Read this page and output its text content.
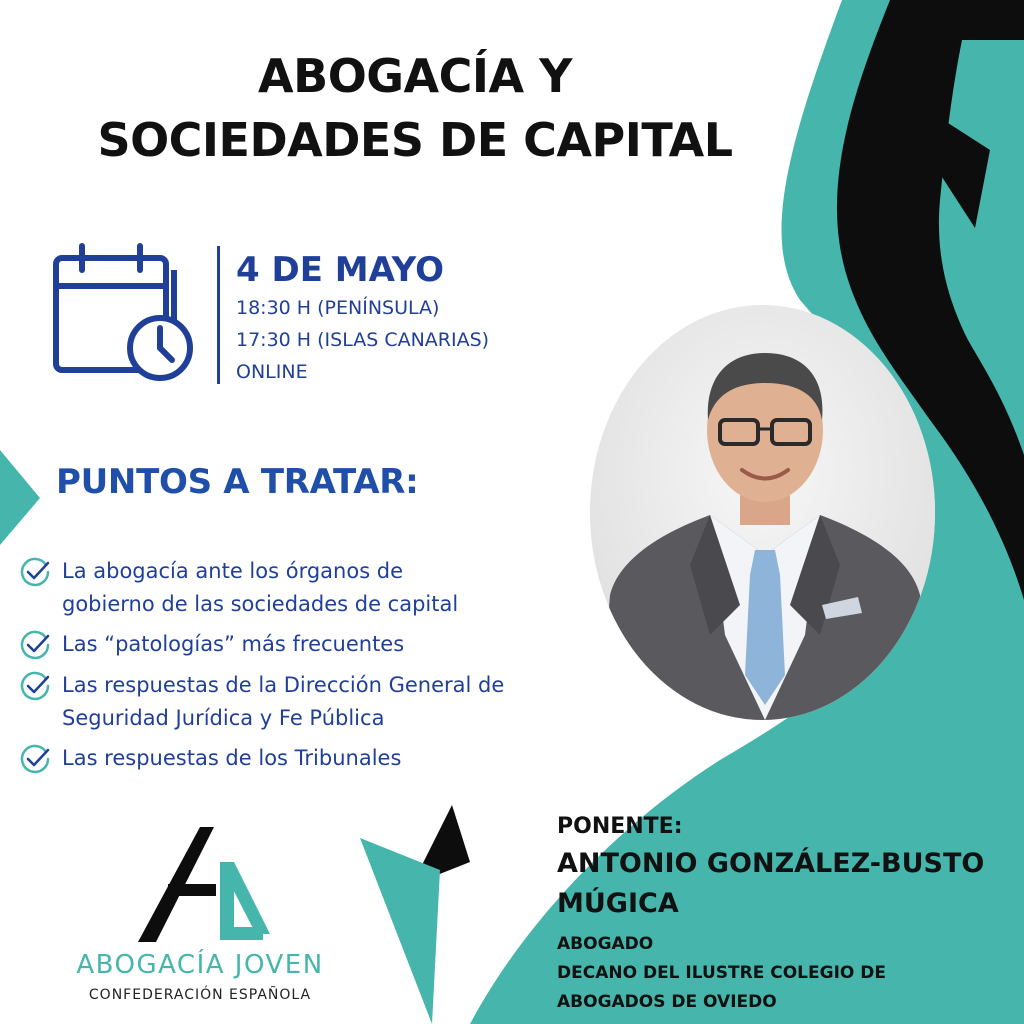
ABOGACÍA Y
SOCIEDADES DE CAPITAL
4 DE MAYO
18:30 H (PENÍNSULA)
17:30 H (ISLAS CANARIAS)
ONLINE
PUNTOS A TRATAR:
La abogacía ante los órganos de
gobierno de las sociedades de capital
Las “patologías” más frecuentes
Las respuestas de la Dirección General de
Seguridad Jurídica y Fe Pública
Las respuestas de los Tribunales
PONENTE:
ANTONIO GONZÁLEZ-BUSTO
MÚGICA
ABOGADO
DECANO DEL ILUSTRE COLEGIO DE
ABOGADOS DE OVIEDO
ABOGACÍA JOVEN
CONFEDERACIÓN ESPAÑOLA
